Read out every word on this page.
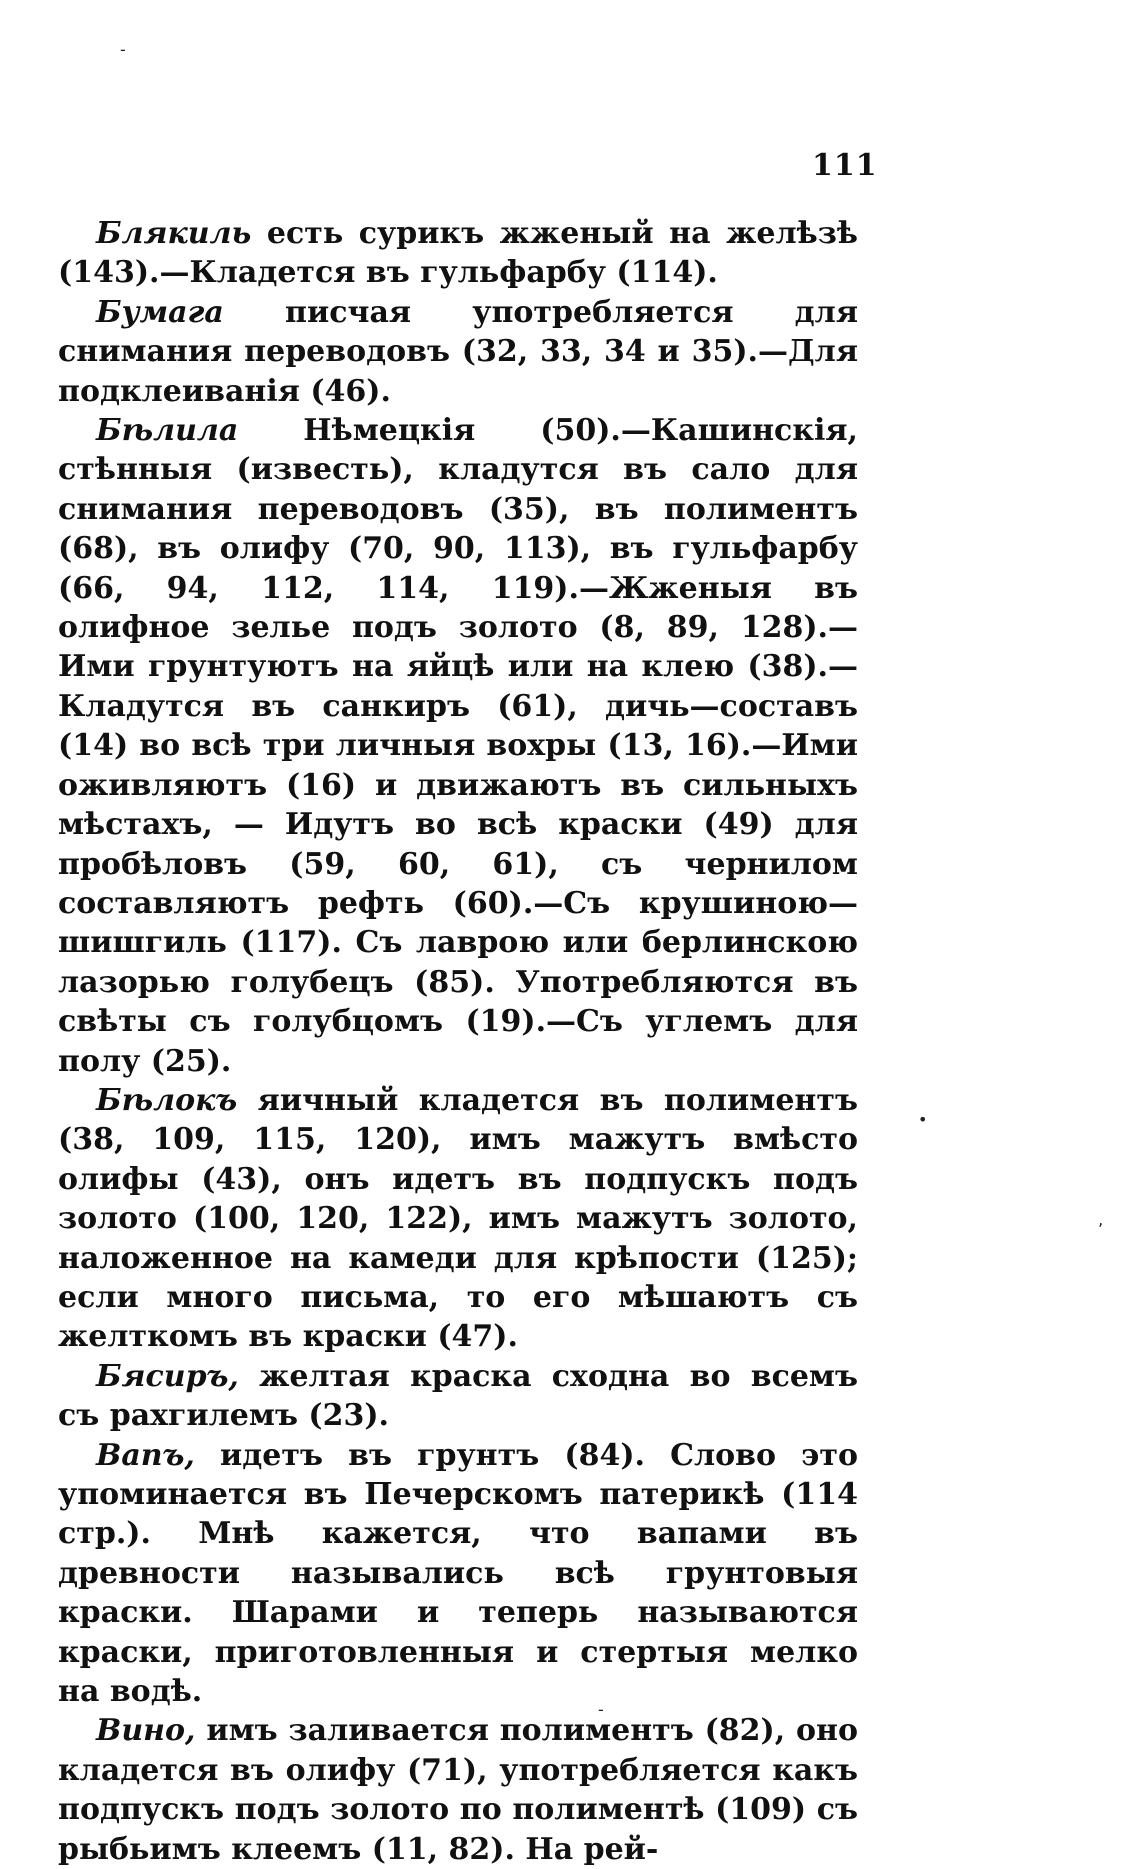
111

Блякиль есть сурикъ жженый на желѣзѣ (143).—Кладется въ гульфарбу (114).

Бумага писчая употребляется для снимания переводовъ (32, 33, 34 и 35).—Для подклеиванiя (46).

Бѣлила Нѣмецкiя (50).—Кашинскiя, стѣнныя (известь), кладутся въ сало для снимания переводовъ (35), въ полиментъ (68), въ олифу (70, 90, 113), въ гульфарбу (66, 94, 112, 114, 119).—Жженыя въ олифное зелье подъ золото (8, 89, 128).—Ими грунтуютъ на яйцѣ или на клею (38).—Кладутся въ санкиръ (61), дичь—составъ (14) во всѣ три личныя вохры (13, 16).—Ими оживляютъ (16) и движаютъ въ сильныхъ мѣстахъ, — Идутъ во всѣ краски (49) для пробѣловъ (59, 60, 61), съ чернилом составляютъ рефть (60).—Съ крушиною—шишгиль (117). Съ лаврою или берлинскою лазорью голубецъ (85). Употребляются въ свѣты съ голубцомъ (19).—Съ углемъ для полу (25).

Бѣлокъ яичный кладется въ полиментъ (38, 109, 115, 120), имъ мажутъ вмѣсто олифы (43), онъ идетъ въ подпускъ подъ золото (100, 120, 122), имъ мажутъ золото, наложенное на камеди для крѣпости (125); если много письма, то его мѣшаютъ съ желткомъ въ краски (47).

Бясиръ, желтая краска сходна во всемъ съ рахгилемъ (23).

Вапъ, идетъ въ грунтъ (84). Слово это упоминается въ Печерскомъ патерикѣ (114 стр.). Мнѣ кажется, что вапами въ древности назывались всѣ грунтовыя краски. Шарами и теперь называются краски, приготовленныя и стертыя мелко на водѣ.

Вино, имъ заливается полиментъ (82), оно кладется въ олифу (71), употребляется какъ подпускъ подъ золото по полиментѣ (109) съ рыбьимъ клеемъ (11, 82). На рей-

-
•
‚
-
